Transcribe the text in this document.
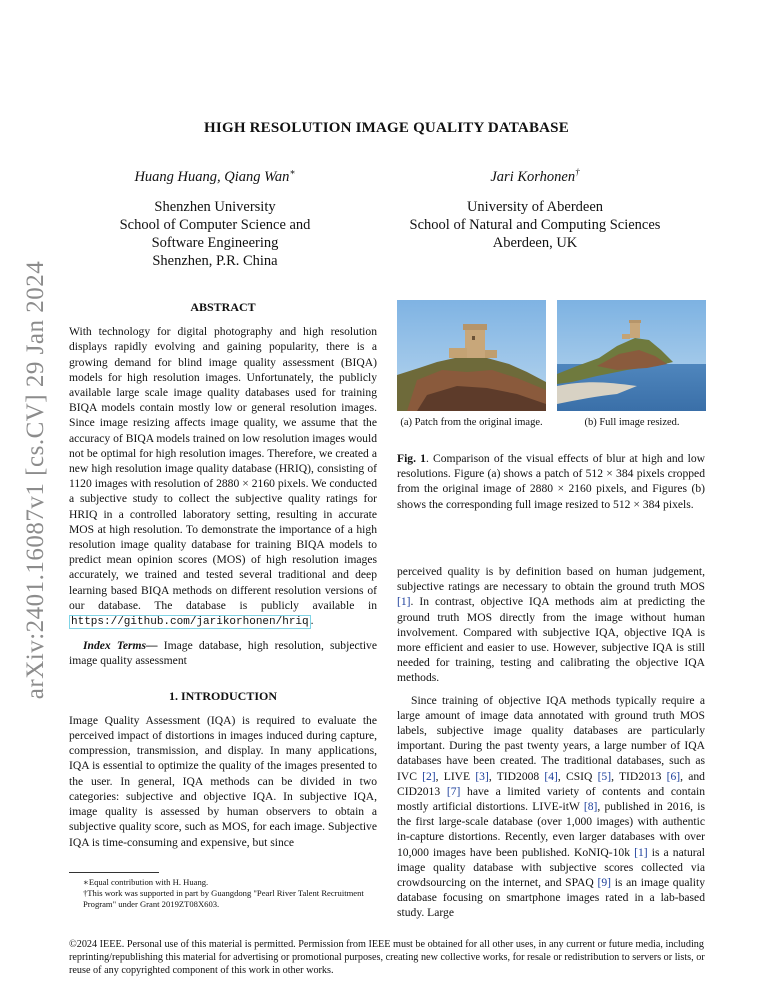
arXiv:2401.16087v1 [cs.CV] 29 Jan 2024
HIGH RESOLUTION IMAGE QUALITY DATABASE
Huang Huang, Qiang Wan∗
Shenzhen University
School of Computer Science and
Software Engineering
Shenzhen, P.R. China
Jari Korhonen†
University of Aberdeen
School of Natural and Computing Sciences
Aberdeen, UK
ABSTRACT

With technology for digital photography and high resolution displays rapidly evolving and gaining popularity, there is a growing demand for blind image quality assessment (BIQA) models for high resolution images. Unfortunately, the publicly available large scale image quality databases used for training BIQA models contain mostly low or general resolution images. Since image resizing affects image quality, we assume that the accuracy of BIQA models trained on low resolution images would not be optimal for high resolution images. Therefore, we created a new high resolution image quality database (HRIQ), consisting of 1120 images with resolution of 2880 × 2160 pixels. We conducted a subjective study to collect the subjective quality ratings for HRIQ in a controlled laboratory setting, resulting in accurate MOS at high resolution. To demonstrate the importance of a high resolution image quality database for training BIQA models to predict mean opinion scores (MOS) of high resolution images accurately, we trained and tested several traditional and deep learning based BIQA methods on different resolution versions of our database. The database is publicly available in https://github.com/jarikorhonen/hriq .

Index Terms— Image database, high resolution, subjective image quality assessment

1. INTRODUCTION

Image Quality Assessment (IQA) is required to evaluate the perceived impact of distortions in images induced during capture, compression, transmission, and display. In many applications, IQA is essential to optimize the quality of the images presented to the user. In general, IQA methods can be divided in two categories: subjective and objective IQA. In subjective IQA, image quality is assessed by human observers to obtain a subjective quality score, such as MOS, for each image. Subjective IQA is time-consuming and expensive, but since

∗Equal contribution with H. Huang.
†This work was supported in part by Guangdong "Pearl River Talent Recruitment Program" under Grant 2019ZT08X603.
(a) Patch from the original image.	(b) Full image resized.
Fig. 1. Comparison of the visual effects of blur at high and low resolutions. Figure (a) shows a patch of 512 × 384 pixels cropped from the original image of 2880 × 2160 pixels, and Figures (b) shows the corresponding full image resized to 512 × 384 pixels.

perceived quality is by definition based on human judgement, subjective ratings are necessary to obtain the ground truth MOS [1]. In contrast, objective IQA methods aim at predicting the ground truth MOS directly from the image without human involvement. Compared with subjective IQA, objective IQA is more efficient and easier to use. However, subjective IQA is still needed for training, testing and calibrating the objective IQA methods.

Since training of objective IQA methods typically require a large amount of image data annotated with ground truth MOS labels, subjective image quality databases are particularly important. During the past twenty years, a large number of IQA databases have been created. The traditional databases, such as IVC [2], LIVE [3], TID2008 [4], CSIQ [5], TID2013 [6], and CID2013 [7] have a limited variety of contents and contain mostly artificial distortions. LIVE-itW [8], published in 2016, is the first large-scale database (over 1,000 images) with authentic in-capture distortions. Recently, even larger databases with over 10,000 images have been published. KoNIQ-10k [1] is a natural image quality database with subjective scores collected via crowdsourcing on the internet, and SPAQ [9] is an image quality database focusing on smartphone images rated in a lab-based study. Large

©2024 IEEE. Personal use of this material is permitted. Permission from IEEE must be obtained for all other uses, in any current or future media, including reprinting/republishing this material for advertising or promotional purposes, creating new collective works, for resale or redistribution to servers or lists, or reuse of any copyrighted component of this work in other works.
